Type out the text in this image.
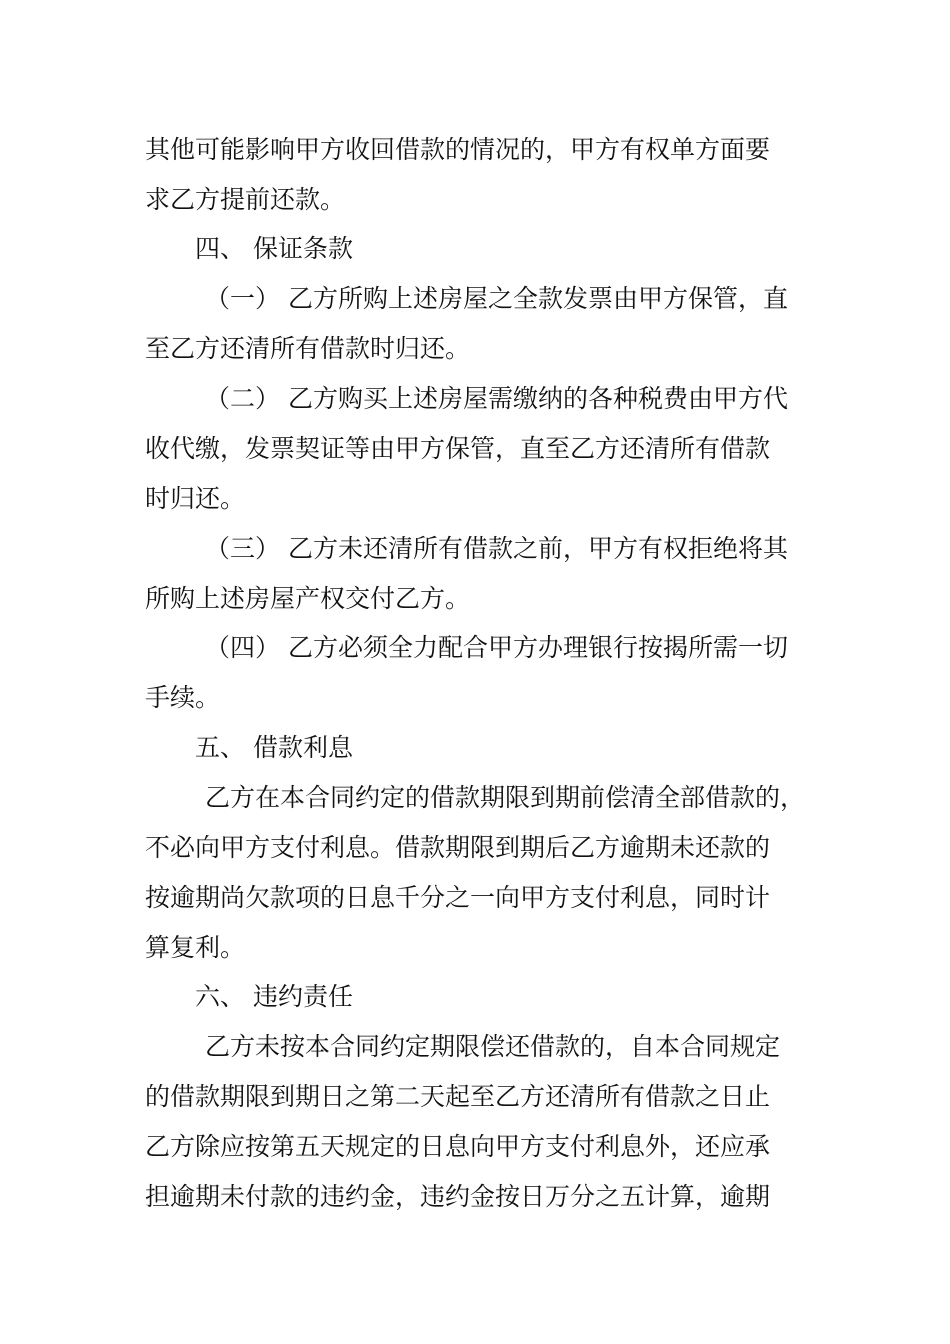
其他可能影响甲方收回借款的情况的，甲方有权单方面要
求乙方提前还款。
四、 保证条款
（一） 乙方所购上述房屋之全款发票由甲方保管，直
至乙方还清所有借款时归还。
（二） 乙方购买上述房屋需缴纳的各种税费由甲方代
收代缴，发票契证等由甲方保管，直至乙方还清所有借款
时归还。
（三） 乙方未还清所有借款之前，甲方有权拒绝将其
所购上述房屋产权交付乙方。
（四） 乙方必须全力配合甲方办理银行按揭所需一切
手续。
五、 借款利息
乙方在本合同约定的借款期限到期前偿清全部借款的，
不必向甲方支付利息。借款期限到期后乙方逾期未还款的
按逾期尚欠款项的日息千分之一向甲方支付利息，同时计
算复利。
六、 违约责任
乙方未按本合同约定期限偿还借款的，自本合同规定
的借款期限到期日之第二天起至乙方还清所有借款之日止
乙方除应按第五天规定的日息向甲方支付利息外，还应承
担逾期未付款的违约金，违约金按日万分之五计算，逾期
